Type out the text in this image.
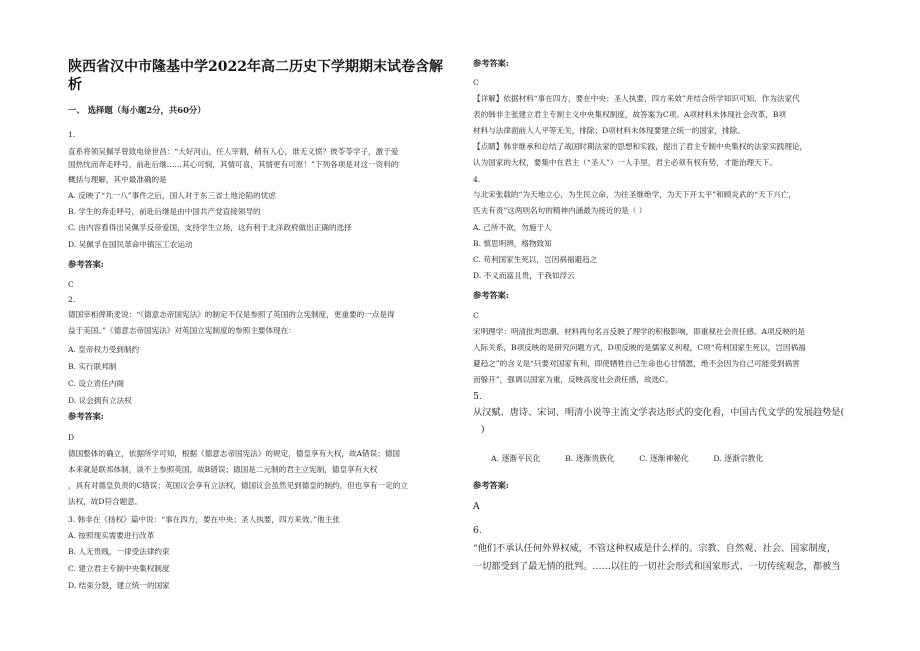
陕西省汉中市隆基中学2022年高二历史下学期期末试卷含解
析
一、 选择题（每小题2分，共60分）
1.
直系将领吴佩孚曾致电徐世昌：“大好河山，任人宰割，稍有人心，谁无义愤？彼苓苓学子，激于爱
国热忱而奔走呼号，前赴后继……其心可悯，其情可喜，其情更有可原！”下列各项是对这一资料的
概括与理解，其中最准确的是
A. 反映了“九一八”事件之后，国人对于东三省土地沦陷的忧虑
B. 学生的奔走呼号，前赴后继是由中国共产党直接领导的
C. 由内容看得出吴佩孚反帝爱国，支持学生立场，这有利于北洋政府做出正确的选择
D. 吴佩孚在国民革命中镇压工农运动
参考答案:
C
2.
德国宰相俾斯麦说：“《德意志帝国宪法》的制定不仅是参照了英国的立宪制度，更重要的一点是得
益于美国。”《德意志帝国宪法》对英国立宪制度的参照主要体现在：
A. 皇帝权力受到制约
B. 实行联邦制
C. 设立责任内阁
D. 议会拥有立法权
参考答案:
D
德国整体的确立，依据所学可知，根据《德意志帝国宪法》的规定，德皇享有大权，故A错误；德国
本来就是联邦体制，谈不上参照英国，故B错误；德国是二元制的君主立宪制，德皇享有大权
，具有对德皇负责的C错误；英国议会享有立法权，德国议会虽然见到德皇的制约，但也享有一定的立
法权，故D符合题意。
3. 韩非在《扬权》篇中说：“事在四方，要在中央；圣人执要，四方来效。”他主张
A. 按照现实需要进行改革
B. 人无贵贱，一律受法律约束
C. 建立君主专制中央集权制度
D. 结束分裂，建立统一的国家
参考答案:
C
【详解】依据材料“事在四方，要在中央；圣人执要，四方来效”并结合所学知识可知，作为法家代
表的韩非主张建立君主专制主义中央集权制度，故答案为C项。A项材料未体现社会改革，B项
材料与法律面前人人平等无关，排除；D项材料未体现要建立统一的国家，排除。
【点睛】韩非继承和总结了战国时期法家的思想和实践，提出了君主专制中央集权的法家实践理论，
认为国家的大权，要集中在君主（“圣人”）一人手里，君主必须有权有势，才能治理天下。
4.
与北宋张载的“为天地立心，为生民立命，为往圣继绝学，为天下开太平”和顾炎武的“天下兴亡，
匹夫有责”这两则名句的精神内涵最为接近的是（ ）
A. 己所不欲，勿施于人
B. 慎思明辨，格物致知
C. 苟利国家生死以，岂因祸福避趋之
D. 不义而富且贵，于我如浮云
参考答案:
C
宋明理学：明清批判思潮。材料两句名言反映了理学的积极影响，即重视社会责任感。A项反映的是
人际关系，B项反映的是研究问题方式，D项反映的是儒家义利观，C项“苟利国家生死以，岂因祸福
避趋之”的含义是“只要对国家有利，即使牺牲自己生命也心甘情愿，绝不会因为自己可能受到祸害
而躲开”，强调以国家为重，反映高度社会责任感，故选C。
5.
从汉赋、唐诗、宋词、明清小说等主流文学表达形式的变化看，中国古代文学的发展趋势是(
)
A. 逐渐平民化	B. 逐渐贵族化	C. 逐渐神秘化	D. 逐渐宗教化
参考答案:
A
6.
“他们不承认任何外界权威，不管这种权威是什么样的。宗教、自然观、社会、国家制度，
一切都受到了最无情的批判。……以往的一切社会形式和国家形式、一切传统观念，都被当
